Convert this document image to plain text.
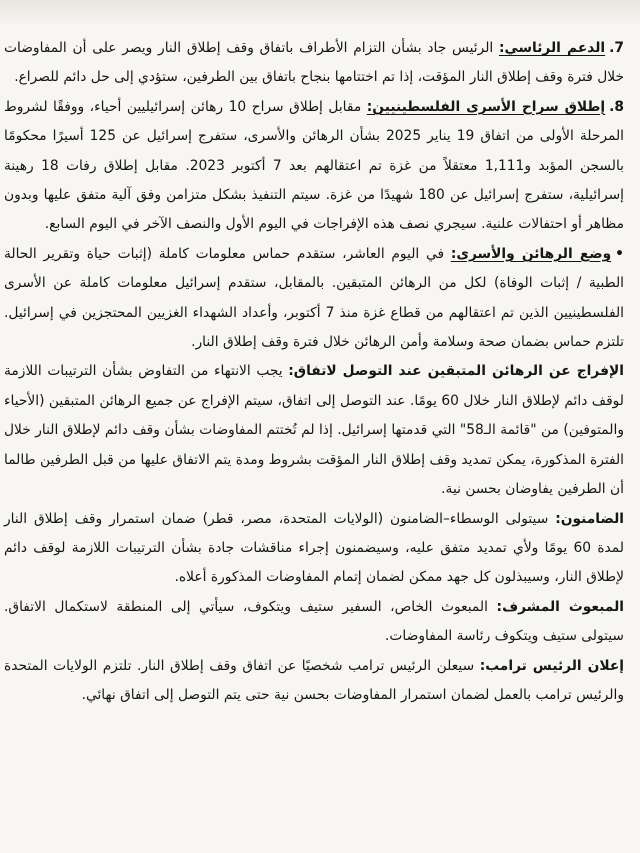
7.الدعم الرئاسي: الرئيس جاد بشأن التزام الأطراف باتفاق وقف إطلاق النار ويصر على أن المفاوضات خلال فترة وقف إطلاق النار المؤقت، إذا تم اختتامها بنجاح باتفاق بين الطرفين، ستؤدي إلى حل دائم للصراع.

8.إطلاق سراح الأسرى الفلسطينيين: مقابل إطلاق سراح 10 رهائن إسرائيليين أحياء، ووفقًا لشروط المرحلة الأولى من اتفاق 19 يناير 2025 بشأن الرهائن والأسرى، ستفرج إسرائيل عن 125 أسيرًا محكومًا بالسجن المؤبد و1,111 معتقلاً من غزة تم اعتقالهم بعد 7 أكتوبر 2023. مقابل إطلاق رفات 18 رهينة إسرائيلية، ستفرج إسرائيل عن 180 شهيدًا من غزة. سيتم التنفيذ بشكل متزامن وفق آلية متفق عليها وبدون مظاهر أو احتفالات علنية. سيجري نصف هذه الإفراجات في اليوم الأول والنصف الآخر في اليوم السابع.

•وضع الرهائن والأسرى: في اليوم العاشر، ستقدم حماس معلومات كاملة (إثبات حياة وتقرير الحالة الطبية / إثبات الوفاة) لكل من الرهائن المتبقين. بالمقابل، ستقدم إسرائيل معلومات كاملة عن الأسرى الفلسطينيين الذين تم اعتقالهم من قطاع غزة منذ 7 أكتوبر، وأعداد الشهداء الغزيين المحتجزين في إسرائيل. تلتزم حماس بضمان صحة وسلامة وأمن الرهائن خلال فترة وقف إطلاق النار.

الإفراج عن الرهائن المتبقين عند التوصل لاتفاق: يجب الانتهاء من التفاوض بشأن الترتيبات اللازمة لوقف دائم لإطلاق النار خلال 60 يومًا. عند التوصل إلى اتفاق، سيتم الإفراج عن جميع الرهائن المتبقين (الأحياء والمتوفين) من "قائمة الـ58" التي قدمتها إسرائيل. إذا لم تُختتم المفاوضات بشأن وقف دائم لإطلاق النار خلال الفترة المذكورة، يمكن تمديد وقف إطلاق النار المؤقت بشروط ومدة يتم الاتفاق عليها من قبل الطرفين طالما أن الطرفين يفاوضان بحسن نية.

الضامنون: سيتولى الوسطاء–الضامنون (الولايات المتحدة، مصر، قطر) ضمان استمرار وقف إطلاق النار لمدة 60 يومًا ولأي تمديد متفق عليه، وسيضمنون إجراء مناقشات جادة بشأن الترتيبات اللازمة لوقف دائم لإطلاق النار، وسيبذلون كل جهد ممكن لضمان إتمام المفاوضات المذكورة أعلاه.

المبعوث المشرف: المبعوث الخاص، السفير ستيف ويتكوف، سيأتي إلى المنطقة لاستكمال الاتفاق. سيتولى ستيف ويتكوف رئاسة المفاوضات.

إعلان الرئيس ترامب: سيعلن الرئيس ترامب شخصيًا عن اتفاق وقف إطلاق النار. تلتزم الولايات المتحدة والرئيس ترامب بالعمل لضمان استمرار المفاوضات بحسن نية حتى يتم التوصل إلى اتفاق نهائي.
